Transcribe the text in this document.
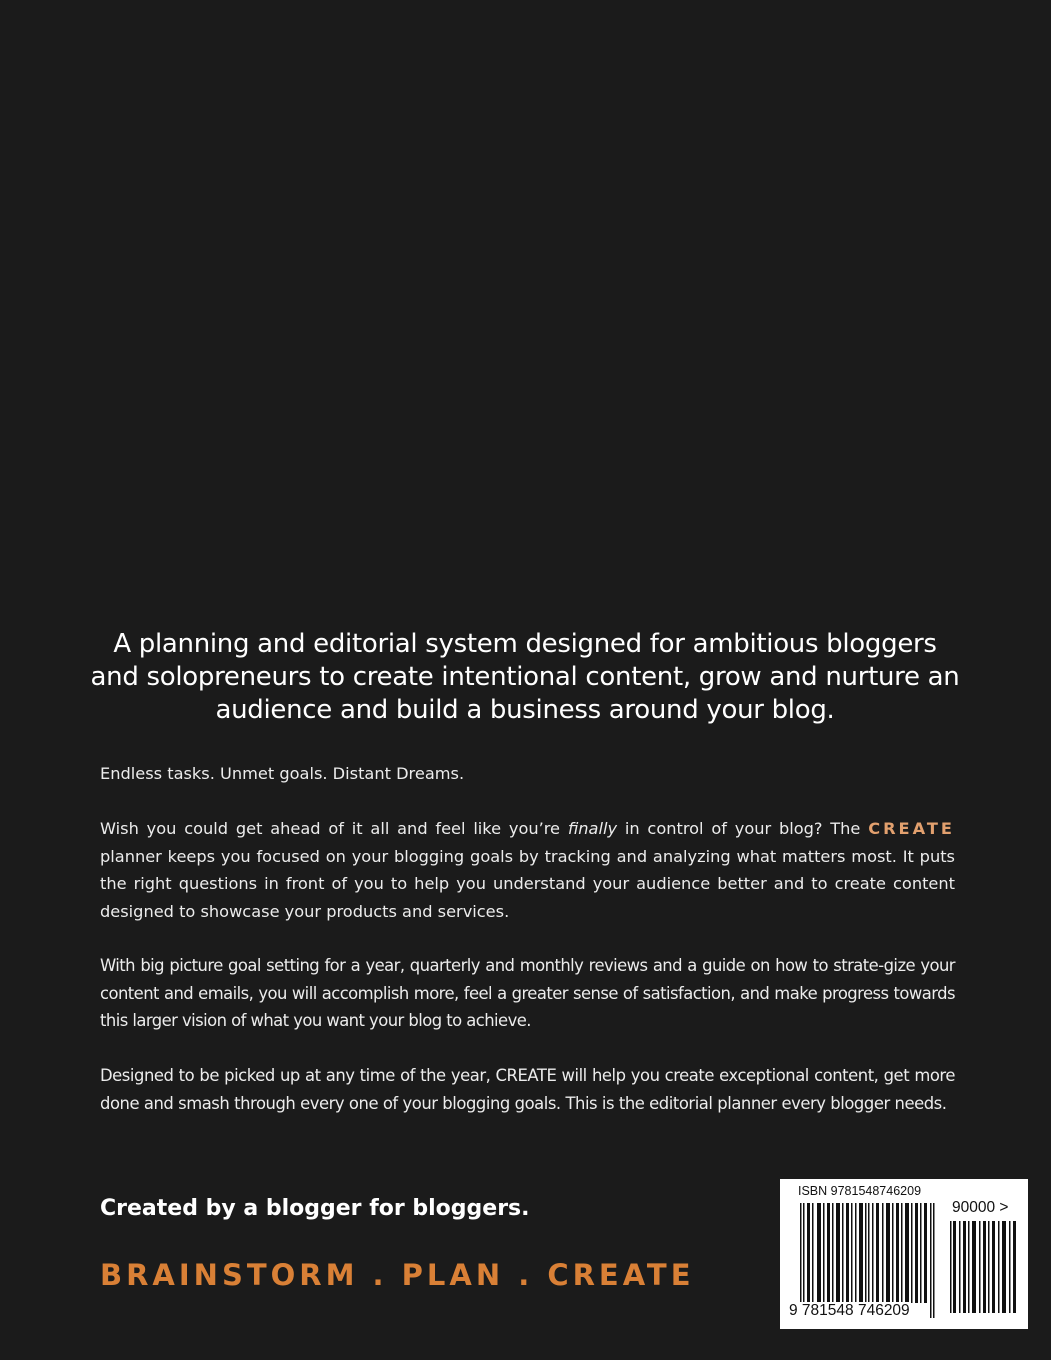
A planning and editorial system designed for ambitious bloggers and solopreneurs to create intentional content, grow and nurture an audience and build a business around your blog.
Endless tasks. Unmet goals. Distant Dreams.
Wish you could get ahead of it all and feel like you’re finally in control of your blog? The CREATE planner keeps you focused on your blogging goals by tracking and analyzing what matters most. It puts the right questions in front of you to help you understand your audience better and to create content designed to showcase your products and services.
With big picture goal setting for a year, quarterly and monthly reviews and a guide on how to strate-gize your content and emails, you will accomplish more, feel a greater sense of satisfaction, and make progress towards this larger vision of what you want your blog to achieve.
Designed to be picked up at any time of the year, CREATE will help you create exceptional content, get more done and smash through every one of your blogging goals. This is the editorial planner every blogger needs.
Created by a blogger for bloggers.
BRAINSTORM . PLAN . CREATE
ISBN 9781548746209
90000 >
9 781548 746209
